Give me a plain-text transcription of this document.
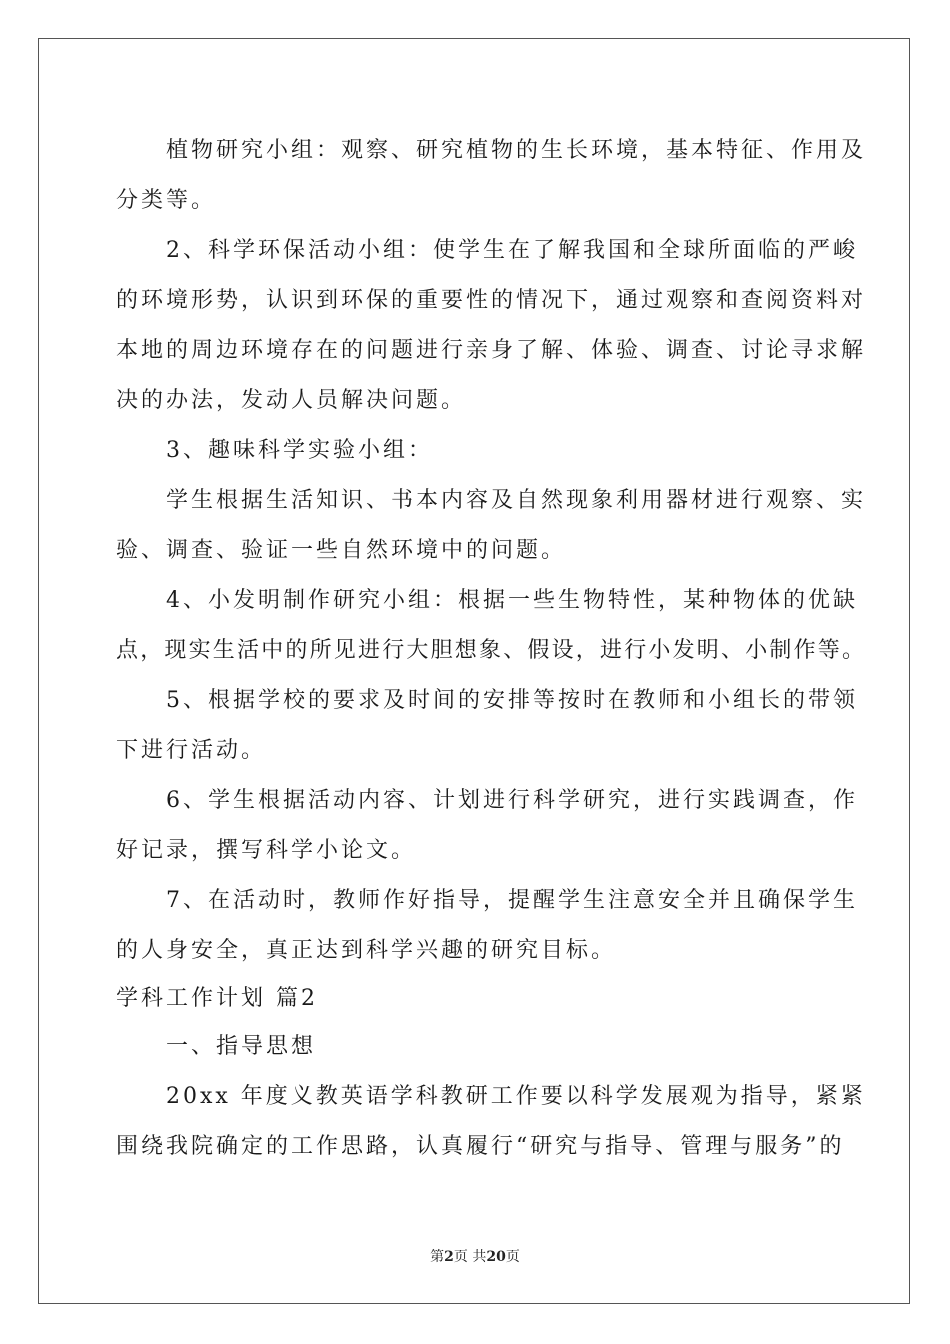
植物研究小组：观察、研究植物的生长环境，基本特征、作用及
分类等。
2、科学环保活动小组：使学生在了解我国和全球所面临的严峻
的环境形势，认识到环保的重要性的情况下，通过观察和查阅资料对
本地的周边环境存在的问题进行亲身了解、体验、调查、讨论寻求解
决的办法，发动人员解决问题。
3、趣味科学实验小组：
学生根据生活知识、书本内容及自然现象利用器材进行观察、实
验、调查、验证一些自然环境中的问题。
4、小发明制作研究小组：根据一些生物特性，某种物体的优缺
点，现实生活中的所见进行大胆想象、假设，进行小发明、小制作等。
5、根据学校的要求及时间的安排等按时在教师和小组长的带领
下进行活动。
6、学生根据活动内容、计划进行科学研究，进行实践调查，作
好记录，撰写科学小论文。
7、在活动时，教师作好指导，提醒学生注意安全并且确保学生
的人身安全，真正达到科学兴趣的研究目标。
学科工作计划 篇2
一、指导思想
20xx 年度义教英语学科教研工作要以科学发展观为指导，紧紧
围绕我院确定的工作思路，认真履行“研究与指导、管理与服务”的
第2页 共20页
